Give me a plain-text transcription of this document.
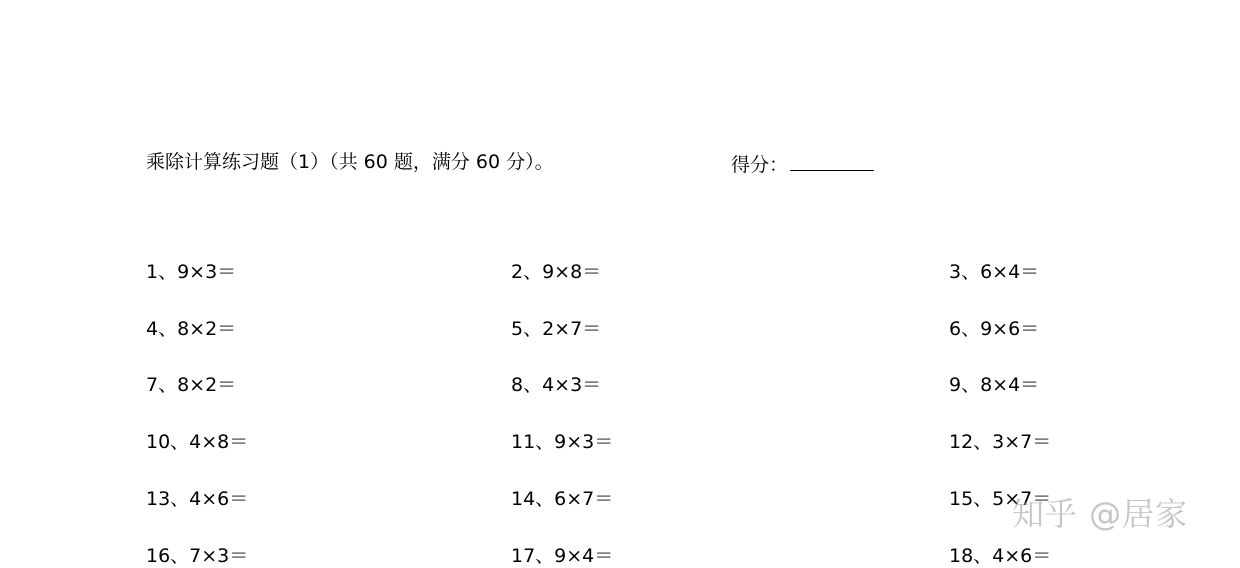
乘除计算练习题（1）（共 60 题，满分 60 分）。	得分：
1、9×3＝	2、9×8＝	3、6×4＝
4、8×2＝	5、2×7＝	6、9×6＝
7、8×2＝	8、4×3＝	9、8×4＝
10、4×8＝	11、9×3＝	12、3×7＝
13、4×6＝	14、6×7＝	15、5×7＝
16、7×3＝	17、9×4＝	18、4×6＝
知乎 @居家
